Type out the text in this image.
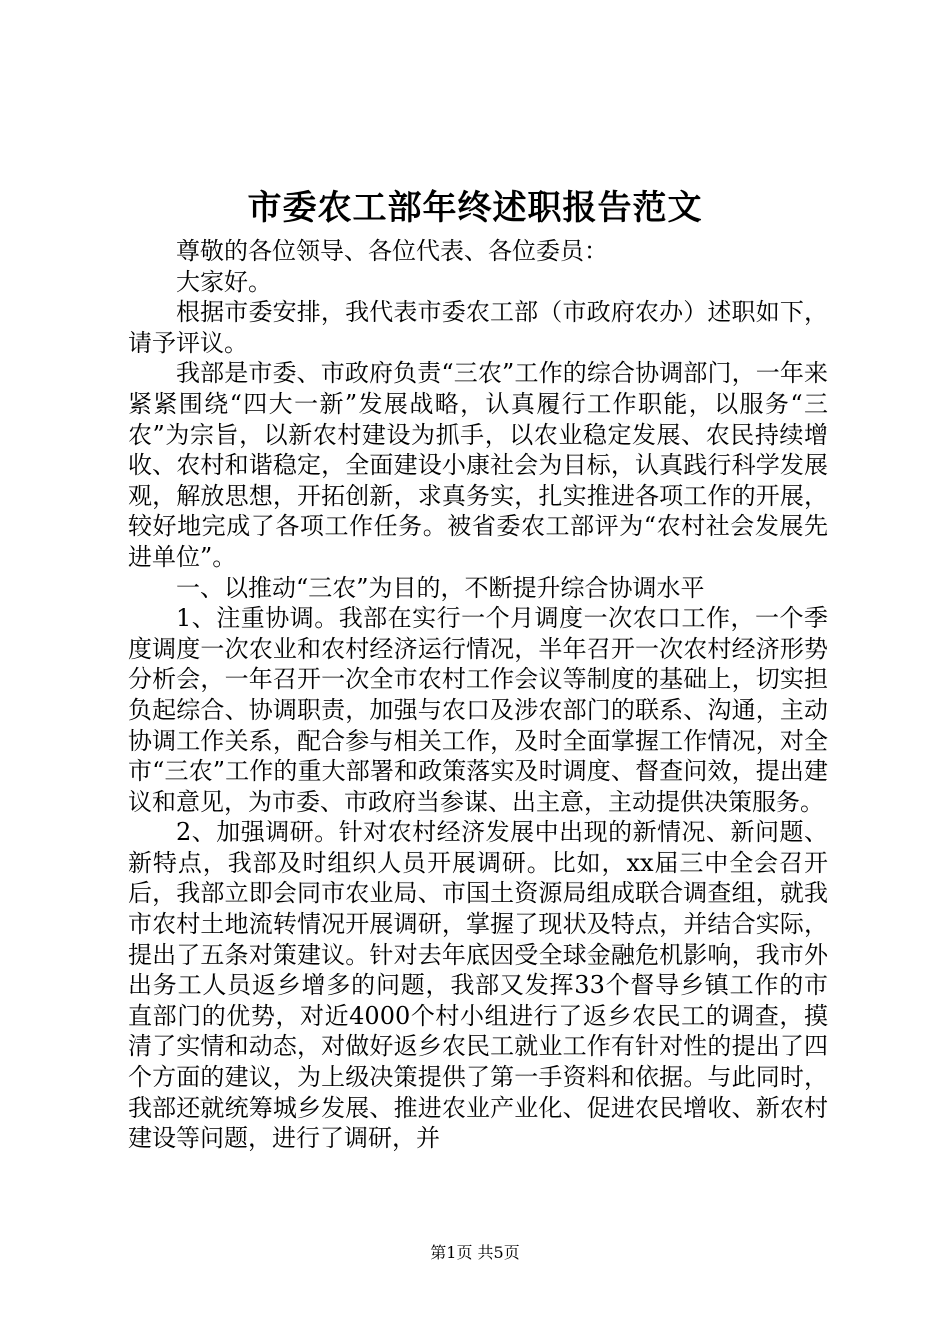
市委农工部年终述职报告范文

尊敬的各位领导、各位代表、各位委员：

大家好。

根据市委安排，我代表市委农工部（市政府农办）述职如下，请予评议。

我部是市委、市政府负责“三农”工作的综合协调部门，一年来紧紧围绕“四大一新”发展战略，认真履行工作职能，以服务“三农”为宗旨，以新农村建设为抓手，以农业稳定发展、农民持续增收、农村和谐稳定，全面建设小康社会为目标，认真践行科学发展观，解放思想，开拓创新，求真务实，扎实推进各项工作的开展，较好地完成了各项工作任务。被省委农工部评为“农村社会发展先进单位”。

一、以推动“三农”为目的，不断提升综合协调水平

1、注重协调。我部在实行一个月调度一次农口工作，一个季度调度一次农业和农村经济运行情况，半年召开一次农村经济形势分析会，一年召开一次全市农村工作会议等制度的基础上，切实担负起综合、协调职责，加强与农口及涉农部门的联系、沟通，主动协调工作关系，配合参与相关工作，及时全面掌握工作情况，对全市“三农”工作的重大部署和政策落实及时调度、督查问效，提出建议和意见，为市委、市政府当参谋、出主意，主动提供决策服务。

2、加强调研。针对农村经济发展中出现的新情况、新问题、新特点，我部及时组织人员开展调研。比如，xx届三中全会召开后，我部立即会同市农业局、市国土资源局组成联合调查组，就我市农村土地流转情况开展调研，掌握了现状及特点，并结合实际，提出了五条对策建议。针对去年底因受全球金融危机影响，我市外出务工人员返乡增多的问题，我部又发挥33个督导乡镇工作的市直部门的优势，对近4000个村小组进行了返乡农民工的调查，摸清了实情和动态，对做好返乡农民工就业工作有针对性的提出了四个方面的建议，为上级决策提供了第一手资料和依据。与此同时，我部还就统筹城乡发展、推进农业产业化、促进农民增收、新农村建设等问题，进行了调研，并

第1页 共5页
